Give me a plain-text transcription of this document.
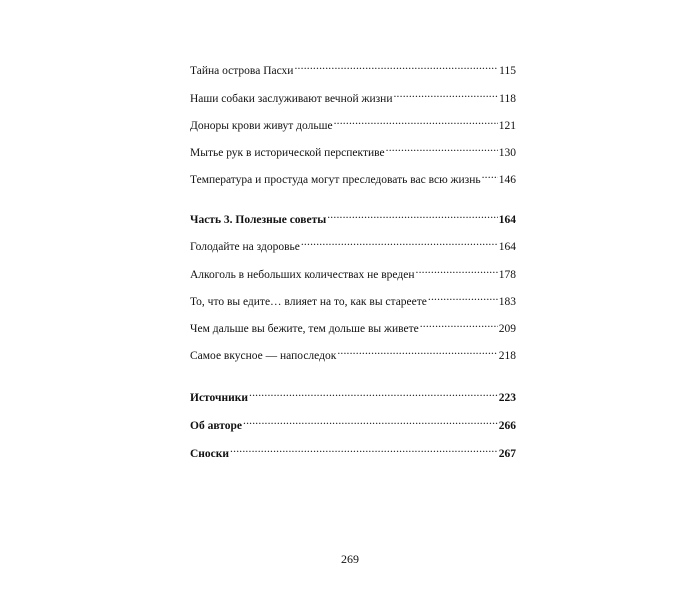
Тайна острова Пасхи .....	115
Наши собаки заслуживают вечной жизни .....	118
Доноры крови живут дольше .....	121
Мытье рук в исторической перспективе .....	130
Температура и простуда могут преследовать вас всю жизнь ..... 146
Часть 3. Полезные советы .....	164
Голодайте на здоровье .....	164
Алкоголь в небольших количествах не вреден .....	178
То, что вы едите… влияет на то, как вы стареете .....	183
Чем дальше вы бежите, тем дольше вы живете .....	209
Самое вкусное — напоследок .....	218
Источники .....	223
Об авторе .....	266
Сноски .....	267
269
